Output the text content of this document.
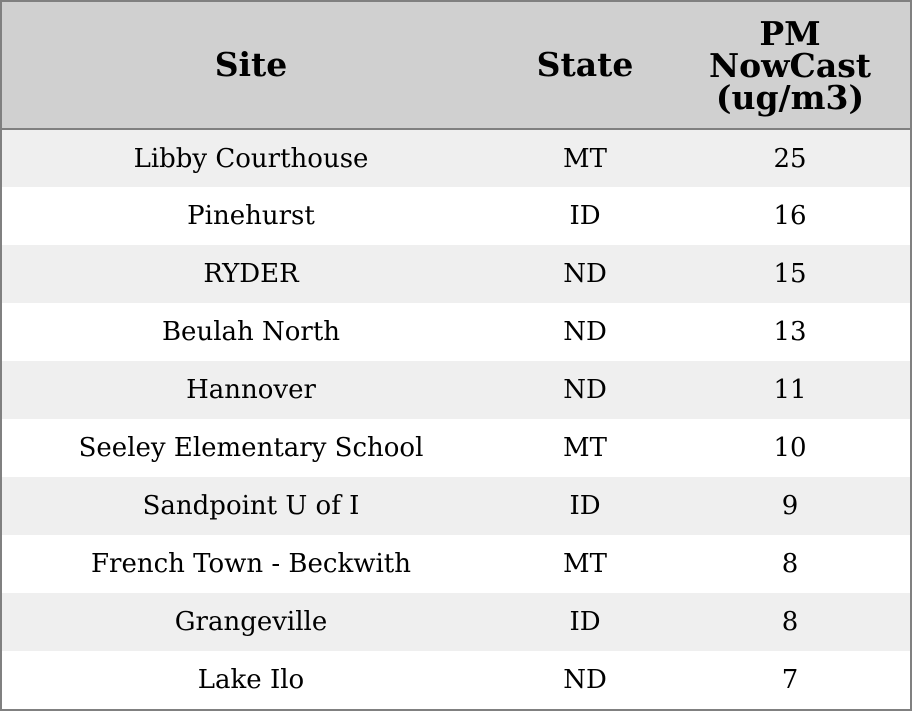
Site	State	PM
NowCast
(ug/m3)

Libby Courthouse	MT	25
Pinehurst	ID	16
RYDER	ND	15
Beulah North	ND	13
Hannover	ND	11
Seeley Elementary School	MT	10
Sandpoint U of I	ID	9
French Town - Beckwith	MT	8
Grangeville	ID	8
Lake Ilo	ND	7
